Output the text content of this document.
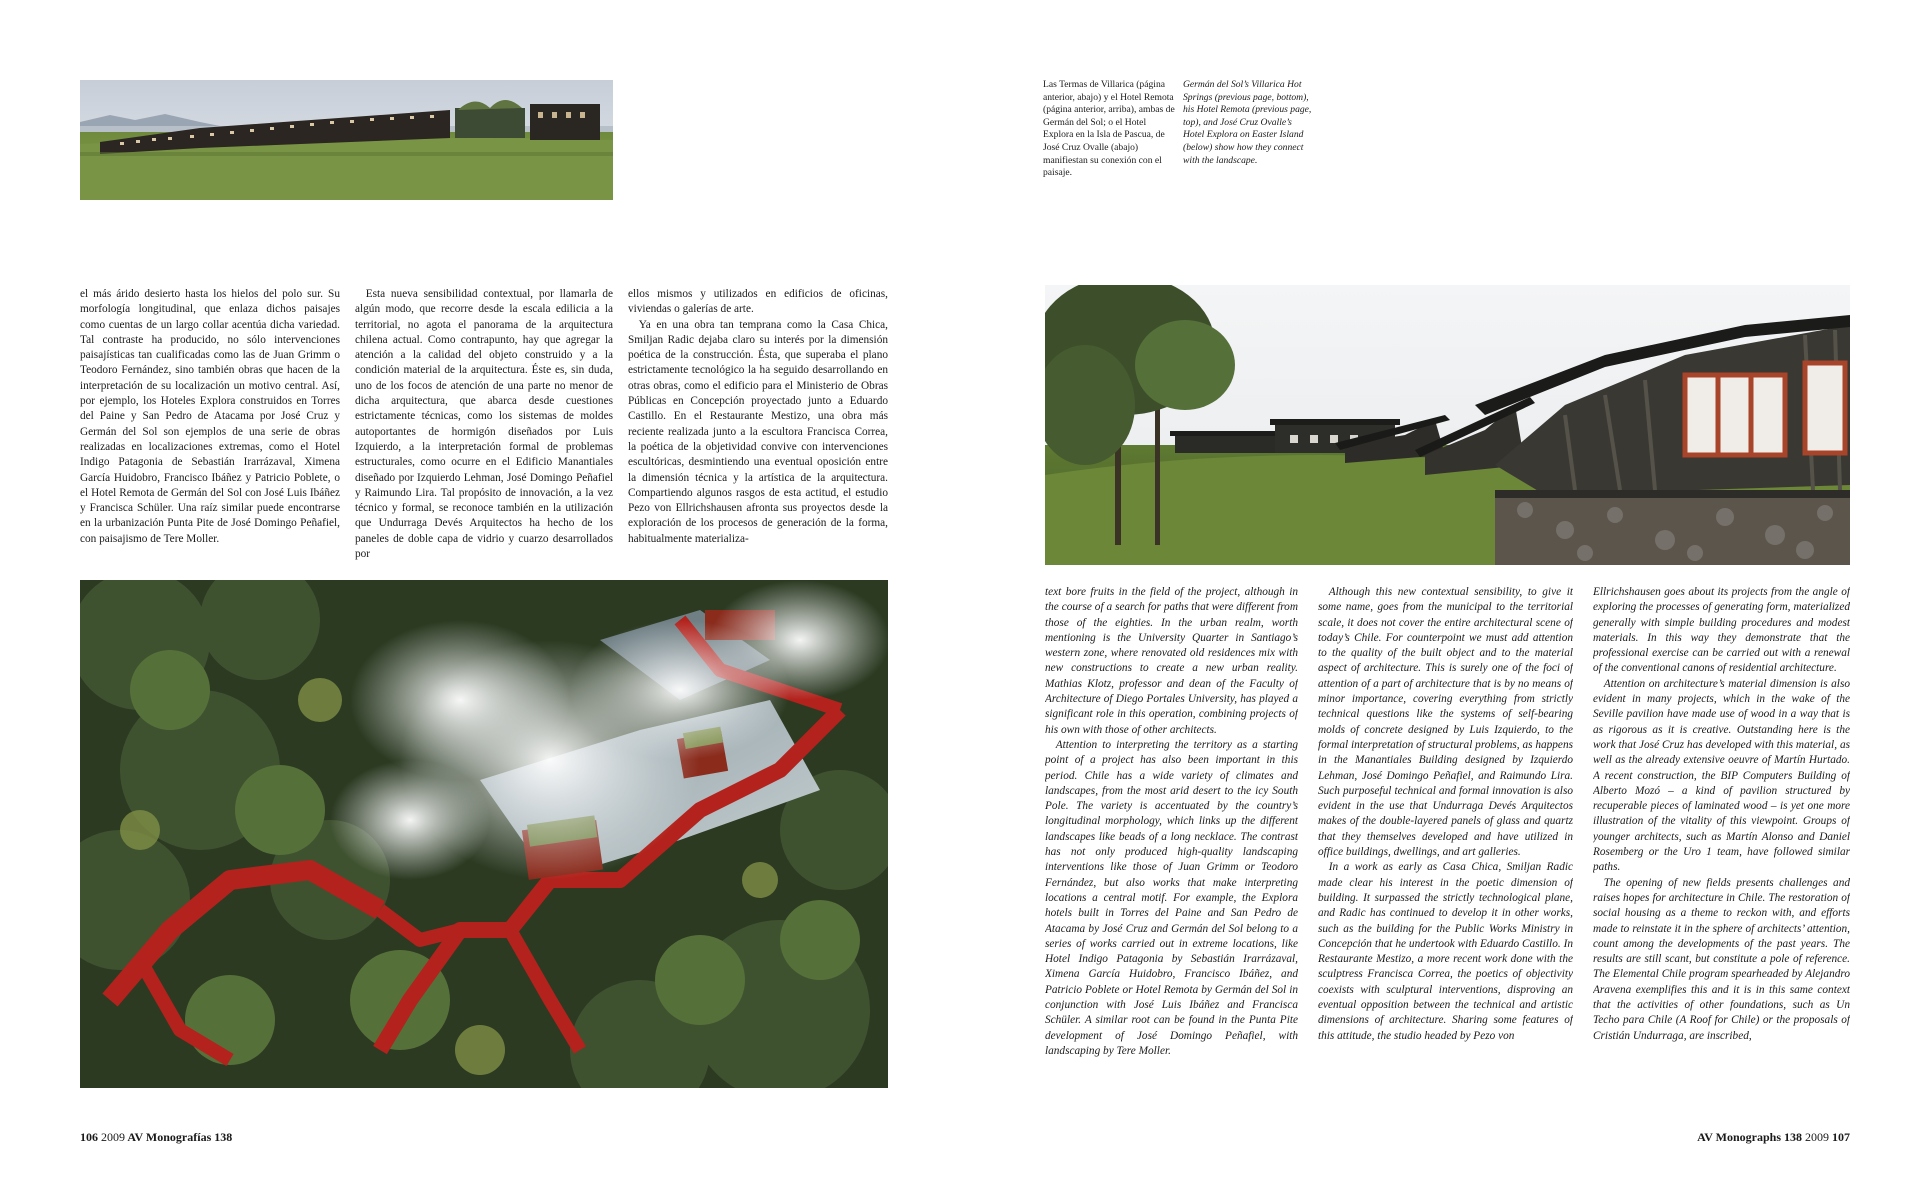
el más árido desierto hasta los hielos del polo sur. Su morfología longitudinal, que enlaza dichos paisajes como cuentas de un largo collar acentúa dicha variedad. Tal contraste ha producido, no sólo intervenciones paisajísticas tan cualificadas como las de Juan Grimm o Teodoro Fernández, sino también obras que hacen de la interpretación de su localización un motivo central. Así, por ejemplo, los Hoteles Explora construidos en Torres del Paine y San Pedro de Atacama por José Cruz y Germán del Sol son ejemplos de una serie de obras realizadas en localizaciones extremas, como el Hotel Indigo Patagonia de Sebastián Irarrázaval, Ximena García Huidobro, Francisco Ibáñez y Patricio Poblete, o el Hotel Remota de Germán del Sol con José Luis Ibáñez y Francisca Schüler. Una raíz similar puede encontrarse en la urbanización Punta Pite de José Domingo Peñafiel, con paisajismo de Tere Moller.

Esta nueva sensibilidad contextual, por llamarla de algún modo, que recorre desde la escala edilicia a la territorial, no agota el panorama de la arquitectura chilena actual. Como contrapunto, hay que agregar la atención a la calidad del objeto construido y a la condición material de la arquitectura. Éste es, sin duda, uno de los focos de atención de una parte no menor de dicha arquitectura, que abarca desde cuestiones estrictamente técnicas, como los sistemas de moldes autoportantes de hormigón diseñados por Luis Izquierdo, a la interpretación formal de problemas estructurales, como ocurre en el Edificio Manantiales diseñado por Izquierdo Lehman, José Domingo Peñafiel y Raimundo Lira. Tal propósito de innovación, a la vez técnico y formal, se reconoce también en la utilización que Undurraga Devés Arquitectos ha hecho de los paneles de doble capa de vidrio y cuarzo desarrollados por

ellos mismos y utilizados en edificios de oficinas, viviendas o galerías de arte.

Ya en una obra tan temprana como la Casa Chica, Smiljan Radic dejaba claro su interés por la dimensión poética de la construcción. Ésta, que superaba el plano estrictamente tecnológico la ha seguido desarrollando en otras obras, como el edificio para el Ministerio de Obras Públicas en Concepción proyectado junto a Eduardo Castillo. En el Restaurante Mestizo, una obra más reciente realizada junto a la escultora Francisca Correa, la poética de la objetividad convive con intervenciones escultóricas, desmintiendo una eventual oposición entre la dimensión técnica y la artística de la arquitectura. Compartiendo algunos rasgos de esta actitud, el estudio Pezo von Ellrichshausen afronta sus proyectos desde la exploración de los procesos de generación de la forma, habitualmente materializa-

106 2009 AV Monografías 138
Las Termas de Villarica (página anterior, abajo) y el Hotel Remota (página anterior, arriba), ambas de Germán del Sol; o el Hotel Explora en la Isla de Pascua, de José Cruz Ovalle (abajo) manifiestan su conexión con el paisaje.
Germán del Sol’s Villarica Hot Springs (previous page, bottom), his Hotel Remota (previous page, top), and José Cruz Ovalle’s Hotel Explora on Easter Island (below) show how they connect with the landscape.

text bore fruits in the field of the project, although in the course of a search for paths that were different from those of the eighties. In the urban realm, worth mentioning is the University Quarter in Santiago’s western zone, where renovated old residences mix with new constructions to create a new urban reality. Mathias Klotz, professor and dean of the Faculty of Architecture of Diego Portales University, has played a significant role in this operation, combining projects of his own with those of other architects.

Attention to interpreting the territory as a starting point of a project has also been important in this period. Chile has a wide variety of climates and landscapes, from the most arid desert to the icy South Pole. The variety is accentuated by the country’s longitudinal morphology, which links up the different landscapes like beads of a long necklace. The contrast has not only produced high-quality landscaping interventions like those of Juan Grimm or Teodoro Fernández, but also works that make interpreting locations a central motif. For example, the Explora hotels built in Torres del Paine and San Pedro de Atacama by José Cruz and Germán del Sol belong to a series of works carried out in extreme locations, like Hotel Indigo Patagonia by Sebastián Irarrázaval, Ximena García Huidobro, Francisco Ibáñez, and Patricio Poblete or Hotel Remota by Germán del Sol in conjunction with José Luis Ibáñez and Francisca Schüler. A similar root can be found in the Punta Pite development of José Domingo Peñafiel, with landscaping by Tere Moller.

Although this new contextual sensibility, to give it some name, goes from the municipal to the territorial scale, it does not cover the entire architectural scene of today’s Chile. For counterpoint we must add attention to the quality of the built object and to the material aspect of architecture. This is surely one of the foci of attention of a part of architecture that is by no means of minor importance, covering everything from strictly technical questions like the systems of self-bearing molds of concrete designed by Luis Izquierdo, to the formal interpretation of structural problems, as happens in the Manantiales Building designed by Izquierdo Lehman, José Domingo Peñafiel, and Raimundo Lira. Such purposeful technical and formal innovation is also evident in the use that Undurraga Devés Arquitectos makes of the double-layered panels of glass and quartz that they themselves developed and have utilized in office buildings, dwellings, and art galleries.

In a work as early as Casa Chica, Smiljan Radic made clear his interest in the poetic dimension of building. It surpassed the strictly technological plane, and Radic has continued to develop it in other works, such as the building for the Public Works Ministry in Concepción that he undertook with Eduardo Castillo. In Restaurante Mestizo, a more recent work done with the sculptress Francisca Correa, the poetics of objectivity coexists with sculptural interventions, disproving an eventual opposition between the technical and artistic dimensions of architecture. Sharing some features of this attitude, the studio headed by Pezo von

Ellrichshausen goes about its projects from the angle of exploring the processes of generating form, materialized generally with simple building procedures and modest materials. In this way they demonstrate that the professional exercise can be carried out with a renewal of the conventional canons of residential architecture.

Attention on architecture’s material dimension is also evident in many projects, which in the wake of the Seville pavilion have made use of wood in a way that is as rigorous as it is creative. Outstanding here is the work that José Cruz has developed with this material, as well as the already extensive oeuvre of Martín Hurtado. A recent construction, the BIP Computers Building of Alberto Mozó – a kind of pavilion structured by recuperable pieces of laminated wood – is yet one more illustration of the vitality of this viewpoint. Groups of younger architects, such as Martín Alonso and Daniel Rosemberg or the Uro 1 team, have followed similar paths.

The opening of new fields presents challenges and raises hopes for architecture in Chile. The restoration of social housing as a theme to reckon with, and efforts made to reinstate it in the sphere of architects’ attention, count among the developments of the past years. The results are still scant, but constitute a pole of reference. The Elemental Chile program spearheaded by Alejandro Aravena exemplifies this and it is in this same context that the activities of other foundations, such as Un Techo para Chile (A Roof for Chile) or the proposals of Cristián Undurraga, are inscribed,

AV Monographs 138 2009 107
